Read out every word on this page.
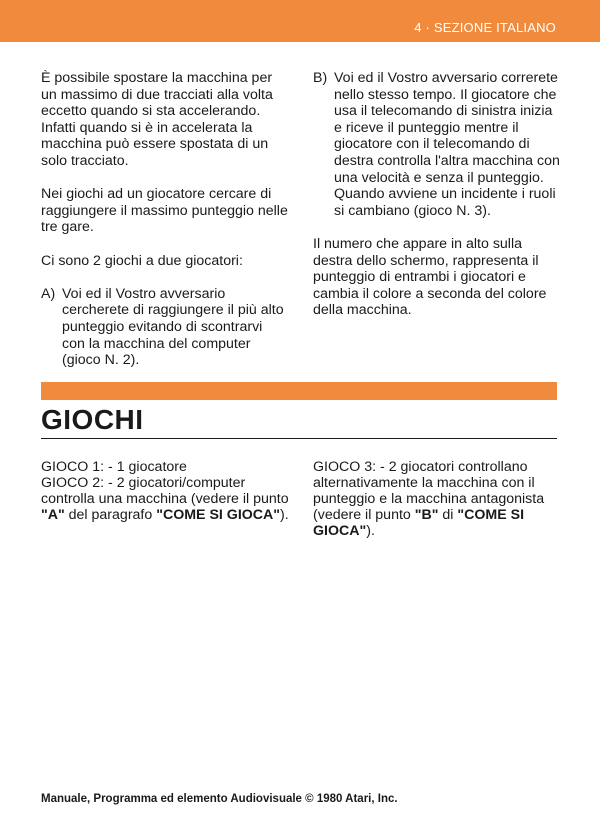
4 · SEZIONE ITALIANO

È possibile spostare la macchina per un massimo di due tracciati alla volta eccetto quando si sta accelerando. Infatti quando si è in accelerata la macchina può essere spostata di un solo tracciato.

Nei giochi ad un giocatore cercare di raggiungere il massimo punteggio nelle tre gare.

Ci sono 2 giochi a due giocatori:

A) Voi ed il Vostro avversario cercherete di raggiungere il più alto punteggio evitando di scontrarvi con la macchina del computer (gioco N. 2).
B) Voi ed il Vostro avversario correrete nello stesso tempo. Il giocatore che usa il telecomando di sinistra inizia e riceve il punteggio mentre il giocatore con il telecomando di destra controlla l'altra macchina con una velocità e senza il punteggio. Quando avviene un incidente i ruoli si cambiano (gioco N. 3).

Il numero che appare in alto sulla destra dello schermo, rappresenta il punteggio di entrambi i giocatori e cambia il colore a seconda del colore della macchina.

GIOCHI
GIOCO 1: - 1 giocatore
GIOCO 2: - 2 giocatori/computer controlla una macchina (vedere il punto "A" del paragrafo "COME SI GIOCA").
GIOCO 3: - 2 giocatori controllano alternativamente la macchina con il punteggio e la macchina antagonista (vedere il punto "B" di "COME SI GIOCA").
Manuale, Programma ed elemento Audiovisuale © 1980 Atari, Inc.
